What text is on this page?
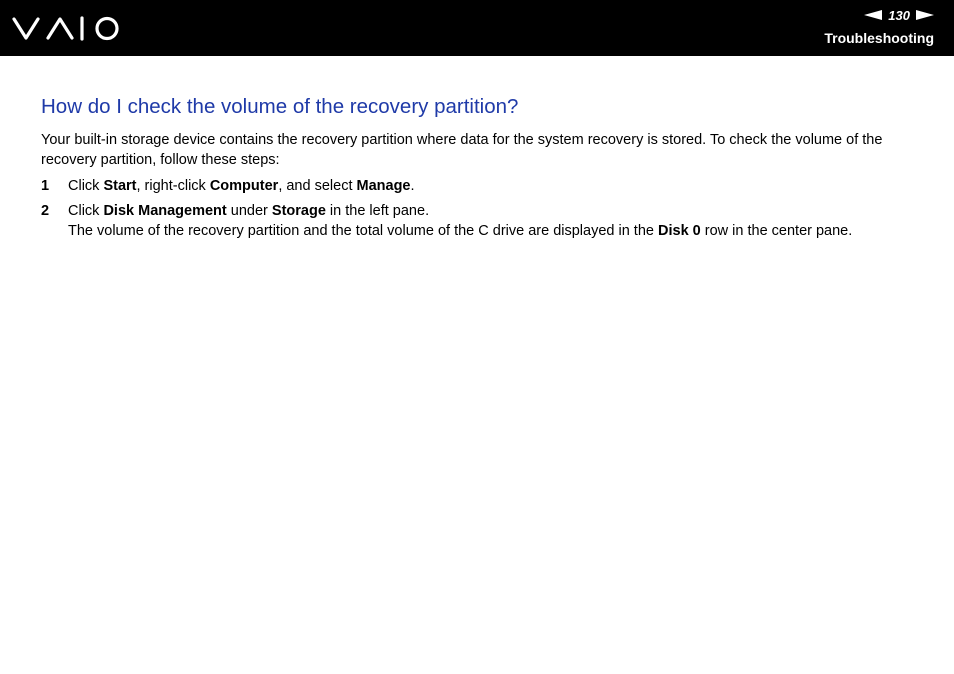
130
Troubleshooting
How do I check the volume of the recovery partition?

Your built-in storage device contains the recovery partition where data for the system recovery is stored. To check the volume of the recovery partition, follow these steps:

1 Click Start, right-click Computer, and select Manage.
2 Click Disk Management under Storage in the left pane.
The volume of the recovery partition and the total volume of the C drive are displayed in the Disk 0 row in the center pane.
